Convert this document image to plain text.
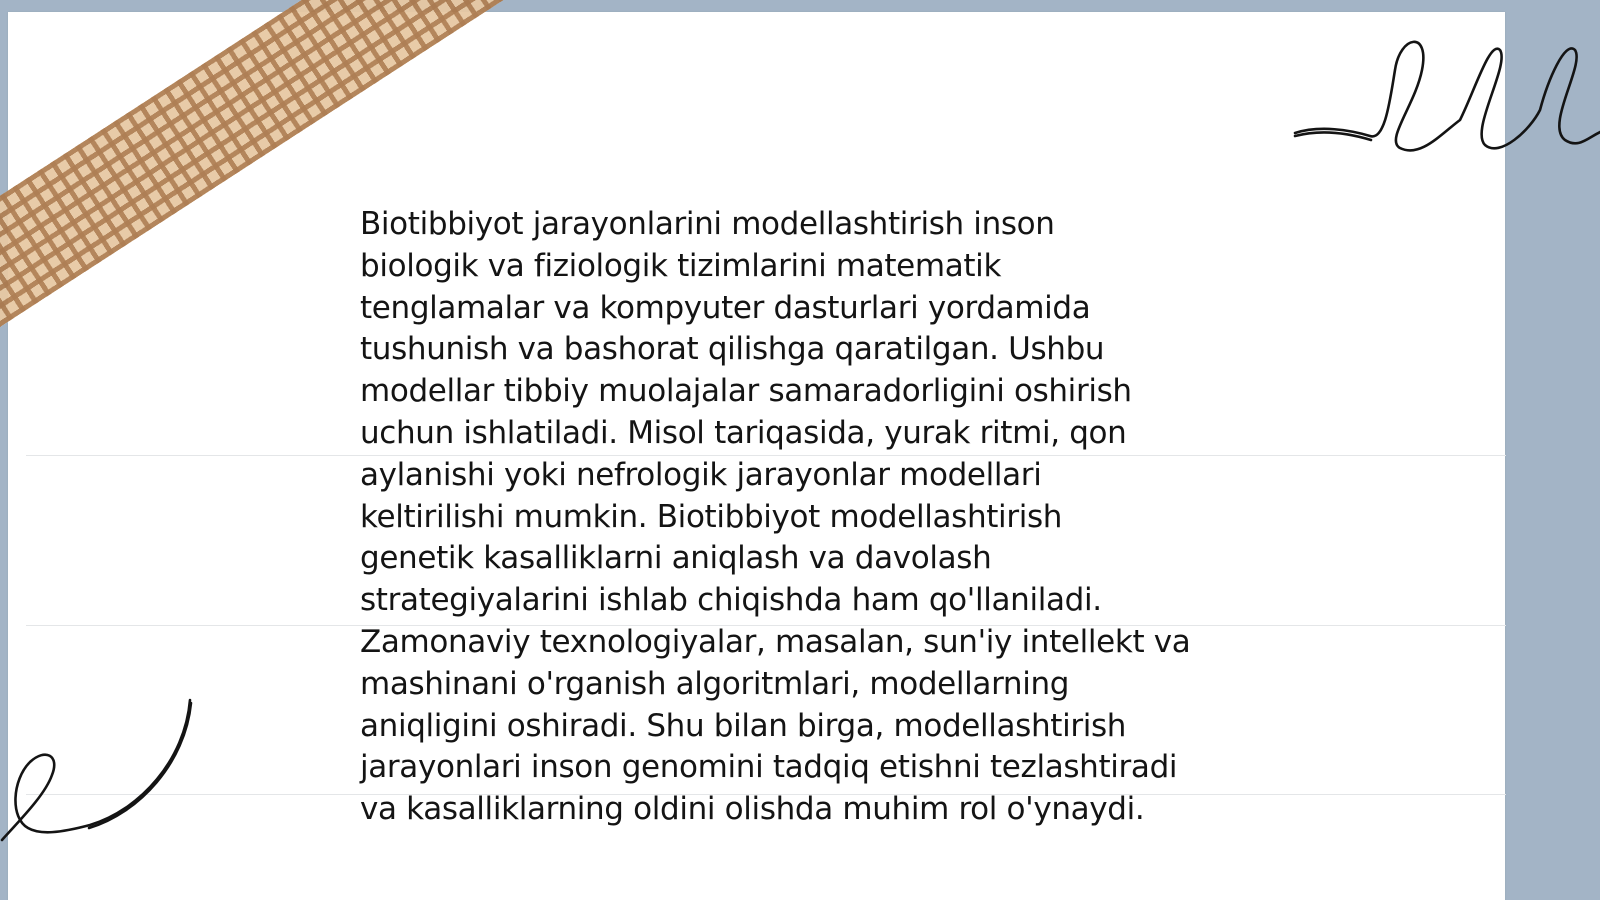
Biotibbiyot jarayonlarini modellashtirish inson
biologik va fiziologik tizimlarini matematik
tenglamalar va kompyuter dasturlari yordamida
tushunish va bashorat qilishga qaratilgan. Ushbu
modellar tibbiy muolajalar samaradorligini oshirish
uchun ishlatiladi. Misol tariqasida, yurak ritmi, qon
aylanishi yoki nefrologik jarayonlar modellari
keltirilishi mumkin. Biotibbiyot modellashtirish
genetik kasalliklarni aniqlash va davolash
strategiyalarini ishlab chiqishda ham qo'llaniladi.
Zamonaviy texnologiyalar, masalan, sun'iy intellekt va
mashinani o'rganish algoritmlari, modellarning
aniqligini oshiradi. Shu bilan birga, modellashtirish
jarayonlari inson genomini tadqiq etishni tezlashtiradi
va kasalliklarning oldini olishda muhim rol o'ynaydi.
